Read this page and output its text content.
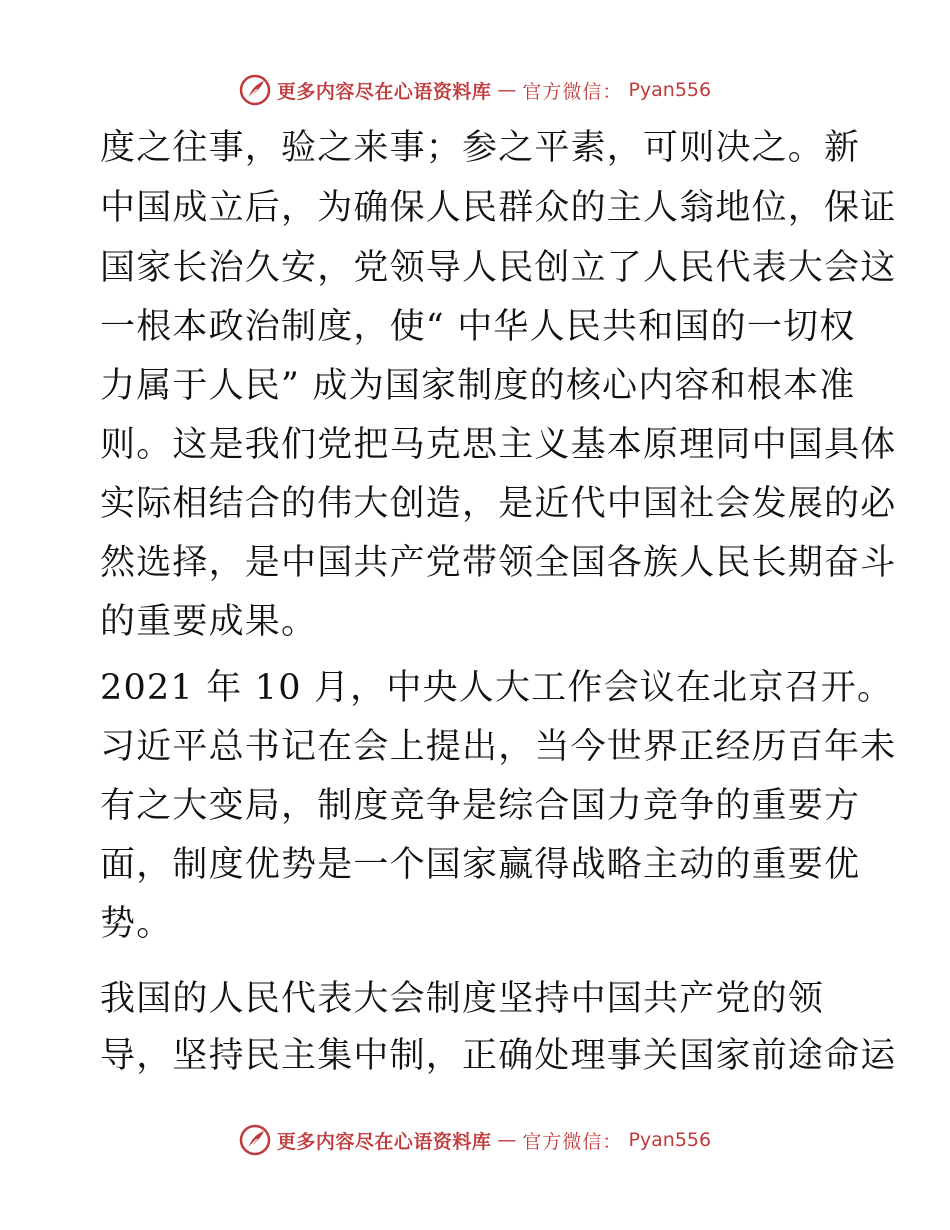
更多内容尽在心语资料库 — 官方微信： Pyan556

度之往事，验之来事；参之平素，可则决之。新

中国成立后，为确保人民群众的主人翁地位，保证

国家长治久安，党领导人民创立了人民代表大会这

一根本政治制度，使“ 中华人民共和国的一切权

力属于人民” 成为国家制度的核心内容和根本准

则。这是我们党把马克思主义基本原理同中国具体

实际相结合的伟大创造，是近代中国社会发展的必

然选择，是中国共产党带领全国各族人民长期奋斗

的重要成果。

2021 年 10 月，中央人大工作会议在北京召开。

习近平总书记在会上提出，当今世界正经历百年未

有之大变局，制度竞争是综合国力竞争的重要方

面，制度优势是一个国家赢得战略主动的重要优

势。

我国的人民代表大会制度坚持中国共产党的领

导，坚持民主集中制，正确处理事关国家前途命运

更多内容尽在心语资料库 — 官方微信： Pyan556
